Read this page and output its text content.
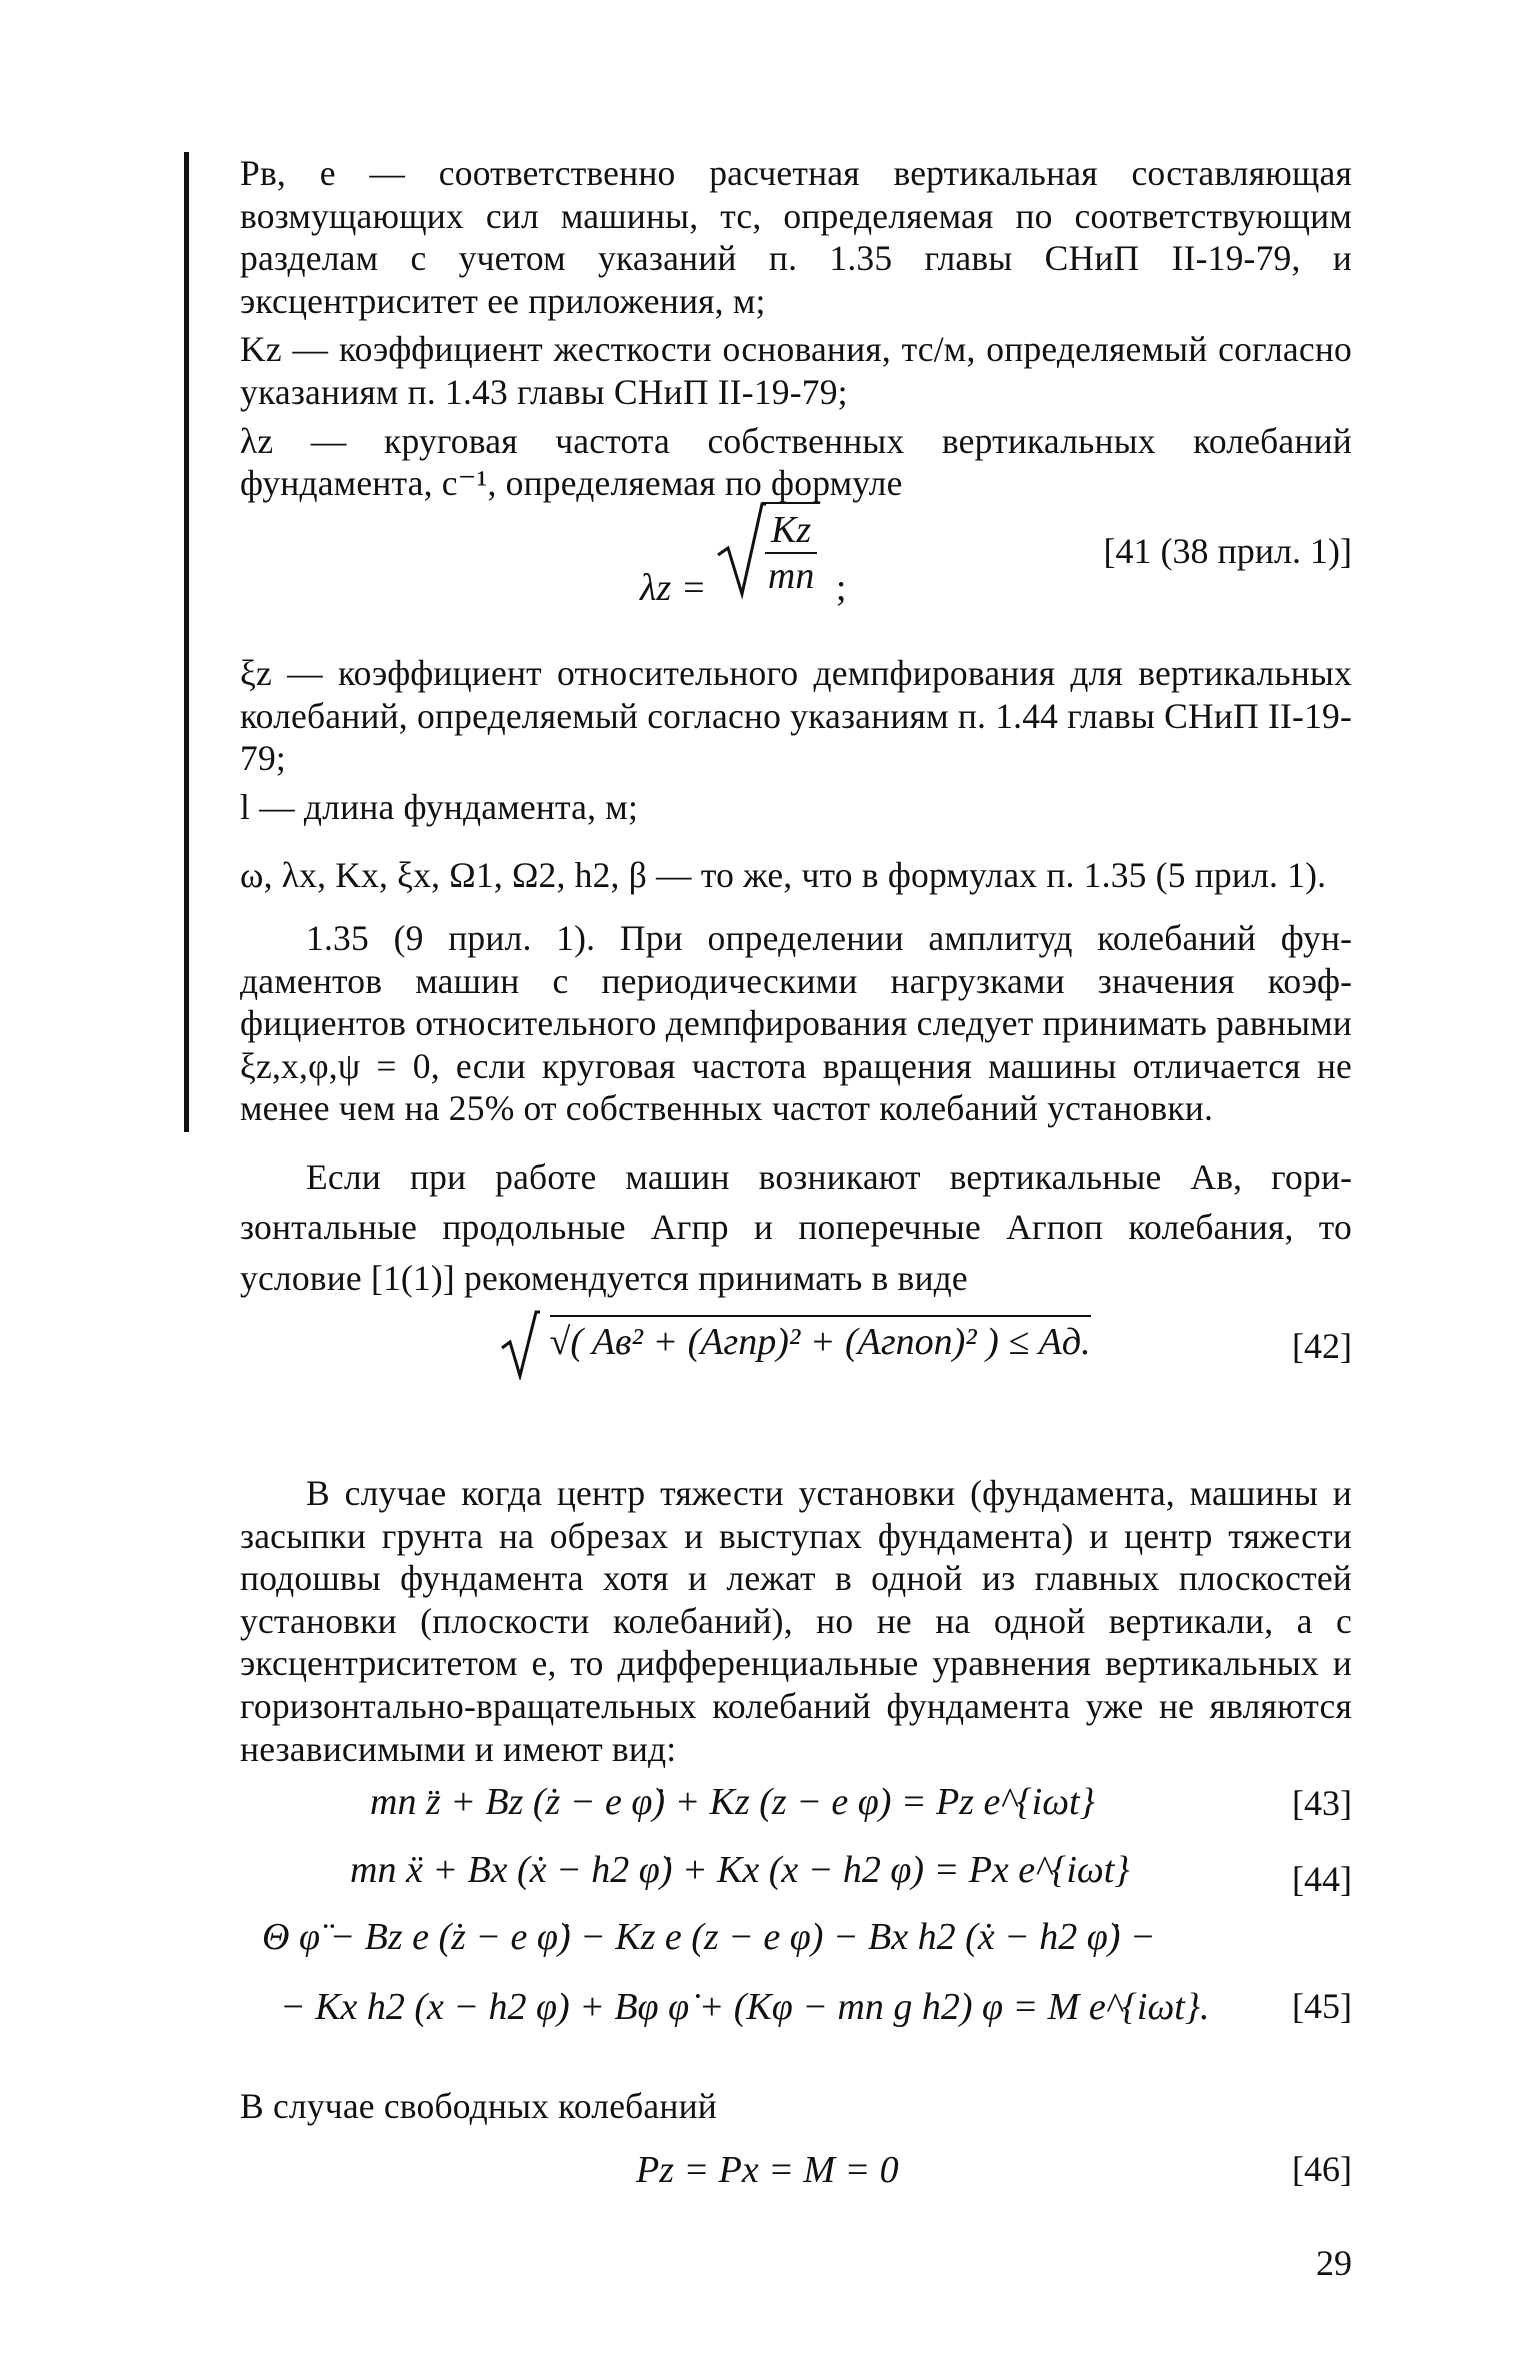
Pв, e — соответственно расчетная вертикальная составляющая возмущающих сил машины, тс, определяемая по соответствующим разделам с учетом указаний п. 1.35 главы СНиП II-19-79, и эксцентриситет ее приложения, м;

Kz — коэффициент жесткости основания, тс/м, определяемый согласно указаниям п. 1.43 главы СНиП II-19-79;

λz — круговая частота собственных вертикальных колебаний фундамента, с⁻¹, определяемая по формуле

$\lambda z = \frac{Kz}{mп}$ ;
[41 (38 прил. 1)]

ξz — коэффициент относительного демпфирования для вертикальных колебаний, определяемый согласно указаниям п. 1.44 главы СНиП II-19-79;

l — длина фундамента, м;

ω, λx, Kx, ξx, Ω1, Ω2, h2, β — то же, что в формулах п. 1.35 (5 прил. 1).

1.35 (9 прил. 1). При определении амплитуд колебаний фундаментов машин с периодическими нагрузками значения коэффициентов относительного демпфирования следует принимать равными ξz,x,φ,ψ = 0, если круговая частота вращения машины отличается не менее чем на 25% от собственных частот колебаний установки.

Если при работе машин возникают вертикальные Aв, горизонтальные продольные Aгпр и поперечные Aгпоп колебания, то условие [1(1)] рекомендуется принимать в виде

√( Aв² + (Aгпр)² + (Aгпоп)² ) ≤ Aд.	[42]

В случае когда центр тяжести установки (фундамента, машины и засыпки грунта на обрезах и выступах фундамента) и центр тяжести подошвы фундамента хотя и лежат в одной из главных плоскостей установки (плоскости колебаний), но не на одной вертикали, а с эксцентриситетом e, то дифференциальные уравнения вертикальных и горизонтально-вращательных колебаний фундамента уже не являются независимыми и имеют вид:

mп z̈ + Bz (ż − e φ̇) + Kz (z − e φ) = Pz e^{iωt}	[43]
mп ẍ + Bx (ẋ − h2 φ̇) + Kx (x − h2 φ) = Px e^{iωt}	[44]
Θ φ̈ − Bz e (ż − e φ̇) − Kz e (z − e φ) − Bx h2 (ẋ − h2 φ̇) −
− Kx h2 (x − h2 φ) + Bφ φ̇ + (Kφ − mп g h2) φ = M e^{iωt}. [45]

В случае свободных колебаний

Pz = Px = M = 0	[46]
29
